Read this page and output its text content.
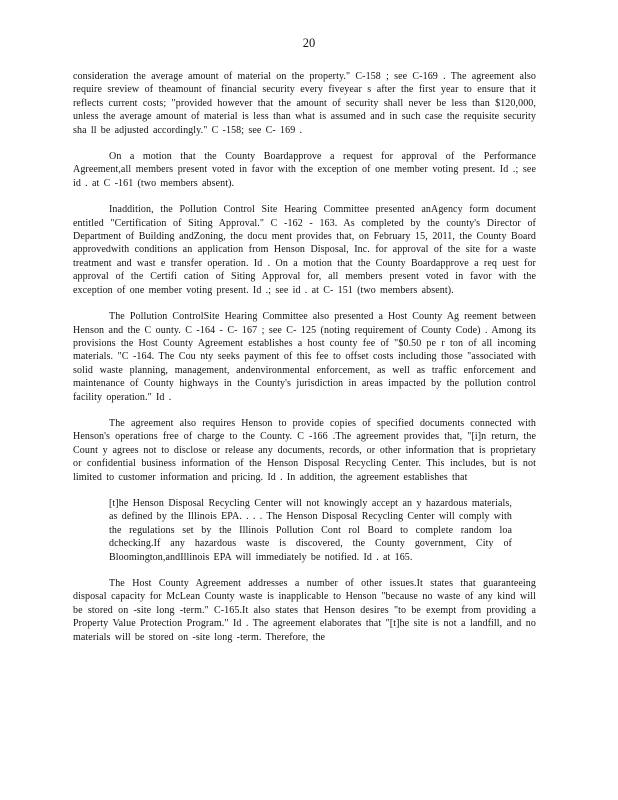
20

consideration the average amount of material on the property." C-158 ; see C-169 . The agreement also require sreview of theamount of financial security every fiveyear s after the first year to ensure that it reflects current costs; "provided however that the amount of security shall never be less than $120,000, unless the average amount of material is less than what is assumed and in such case the requisite security sha ll be adjusted accordingly." C -158; see C- 169 .

On a motion that the County Boardapprove a request for approval of the Performance Agreement,all members present voted in favor with the exception of one member voting present. Id .; see id . at C -161 (two members absent).

Inaddition, the Pollution Control Site Hearing Committee presented anAgency form document entitled "Certification of Siting Approval." C -162 - 163. As completed by the county's Director of Department of Building andZoning, the docu ment provides that, on February 15, 2011, the County Board approvedwith conditions an application from Henson Disposal, Inc. for approval of the site for a waste treatment and wast e transfer operation. Id . On a motion that the County Boardapprove a req uest for approval of the Certifi cation of Siting Approval for, all members present voted in favor with the exception of one member voting present. Id .; see id . at C- 151 (two members absent).

The Pollution ControlSite Hearing Committee also presented a Host County Ag reement between Henson and the C ounty. C -164 - C- 167 ; see C- 125 (noting requirement of County Code) . Among its provisions the Host County Agreement establishes a host county fee of "$0.50 pe r ton of all incoming materials. "C -164. The Cou nty seeks payment of this fee to offset costs including those "associated with solid waste planning, management, andenvironmental enforcement, as well as traffic enforcement and maintenance of County highways in the County's jurisdiction in areas impacted by the pollution control facility operation." Id .

The agreement also requires Henson to provide copies of specified documents connected with Henson's operations free of charge to the County. C -166 .The agreement provides that, "[i]n return, the Count y agrees not to disclose or release any documents, records, or other information that is proprietary or confidential business information of the Henson Disposal Recycling Center. This includes, but is not limited to customer information and pricing. Id . In addition, the agreement establishes that

[t]he Henson Disposal Recycling Center will not knowingly accept an y hazardous materials, as defined by the Illinois EPA. . . . The Henson Disposal Recycling Center will comply with the regulations set by the Illinois Pollution Cont rol Board to complete random loa dchecking.If any hazardous waste is discovered, the County government, City of Bloomington,andIllinois EPA will immediately be notified. Id . at 165.

The Host County Agreement addresses a number of other issues.It states that guaranteeing disposal capacity for McLean County waste is inapplicable to Henson "because no waste of any kind will be stored on -site long -term." C-165.It also states that Henson desires "to be exempt from providing a Property Value Protection Program." Id . The agreement elaborates that "[t]he site is not a landfill, and no materials will be stored on -site long -term. Therefore, the
